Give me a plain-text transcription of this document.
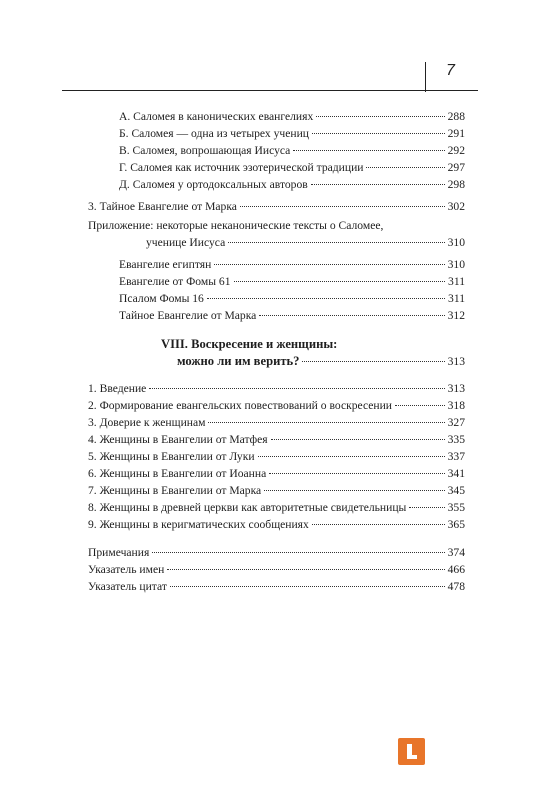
7
А. Саломея в канонических евангелиях	288
Б. Саломея — одна из четырех учениц	291
В. Саломея, вопрошающая Иисуса	292
Г. Саломея как источник эзотерической традиции	297
Д. Саломея у ортодоксальных авторов	298
3. Тайное Евангелие от Марка	302
Приложение: некоторые неканонические тексты о Саломее,
ученице Иисуса	310
Евангелие египтян	310
Евангелие от Фомы 61	311
Псалом Фомы 16	311
Тайное Евангелие от Марка	312
VIII. Воскресение и женщины:
можно ли им верить?	313
1. Введение	313
2. Формирование евангельских повествований о воскресении	318
3. Доверие к женщинам	327
4. Женщины в Евангелии от Матфея	335
5. Женщины в Евангелии от Луки	337
6. Женщины в Евангелии от Иоанна	341
7. Женщины в Евангелии от Марка	345
8. Женщины в древней церкви как авторитетные свидетельницы	355
9. Женщины в керигматических сообщениях	365
Примечания	374
Указатель имен	466
Указатель цитат	478
